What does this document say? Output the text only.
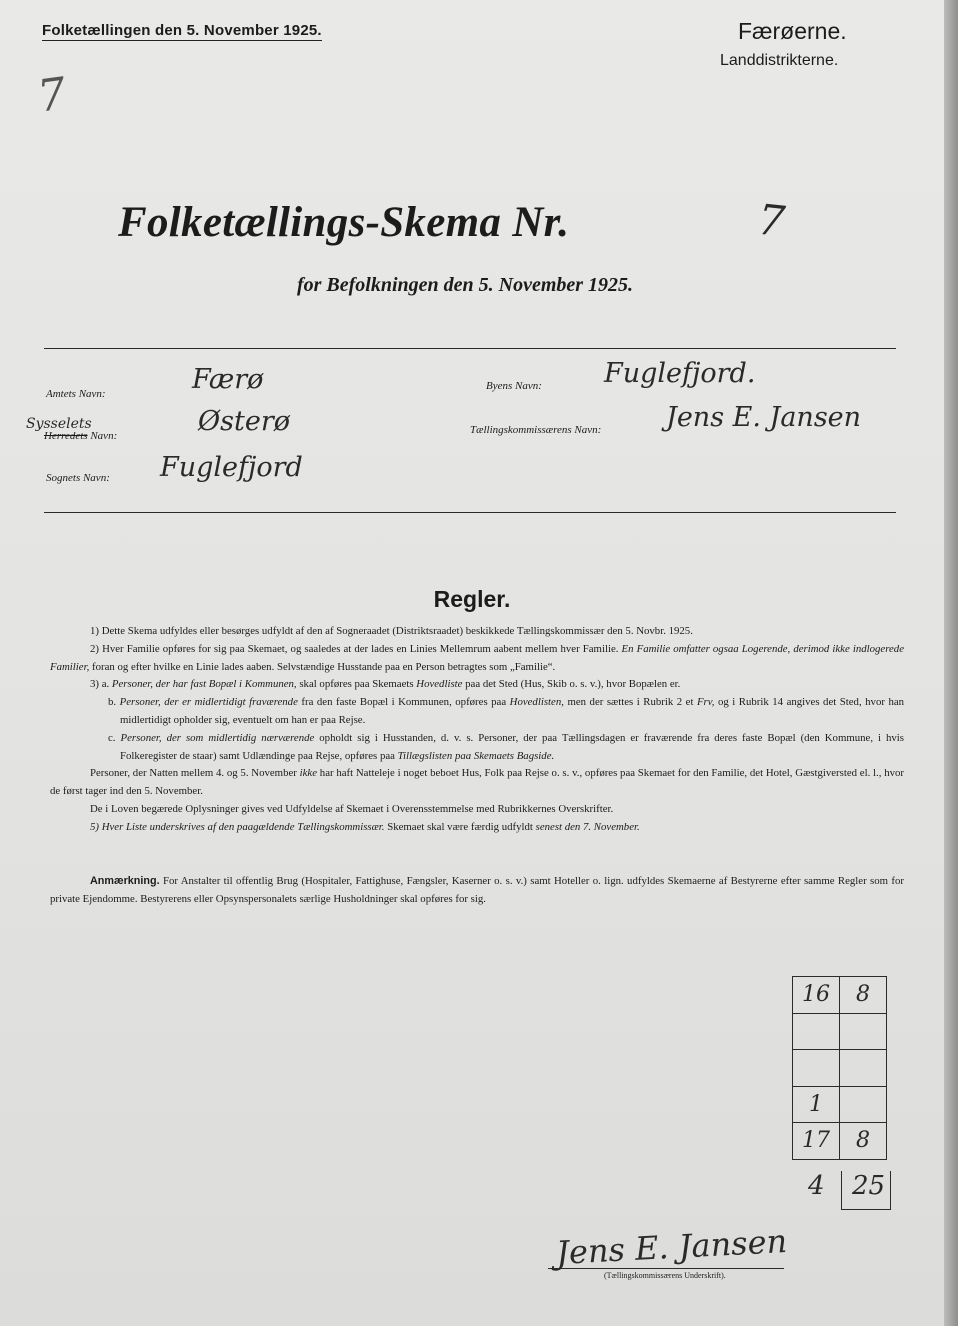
Folketællingen den 5. November 1925.	Færøerne.
Landdistrikterne.
7
Folketællings-Skema Nr.	7
for Befolkningen den 5. November 1925.
Amtets Navn:	Færø
Sysselets
Herredets Navn:	Østerø
Sognets Navn: Fuglefjord
Byens Navn: Fuglefjord.
Tællingskommissærens Navn: Jens E. Jansen
Regler.

1) Dette Skema udfyldes eller besørges udfyldt af den af Sogneraadet (Distriktsraadet) beskikkede Tællingskommissær den 5. Novbr. 1925.

2) Hver Familie opføres for sig paa Skemaet, og saaledes at der lades en Linies Mellemrum aabent mellem hver Familie. En Familie omfatter ogsaa Logerende, derimod ikke indlogerede Familier, foran og efter hvilke en Linie lades aaben. Selvstændige Husstande paa en Person betragtes som „Familie“.

3) a. Personer, der har fast Bopæl i Kommunen, skal opføres paa Skemaets Hovedliste paa det Sted (Hus, Skib o. s. v.), hvor Bopælen er.

b. Personer, der er midlertidigt fraværende fra den faste Bopæl i Kommunen, opføres paa Hovedlisten, men der sættes i Rubrik 2 et Frv, og i Rubrik 14 angives det Sted, hvor han midlertidigt opholder sig, eventuelt om han er paa Rejse.

c. Personer, der som midlertidig nærværende opholdt sig i Husstanden, d. v. s. Personer, der paa Tællingsdagen er fraværende fra deres faste Bopæl (den Kommune, i hvis Folkeregister de staar) samt Udlændinge paa Rejse, opføres paa Tillægslisten paa Skemaets Bagside.

Personer, der Natten mellem 4. og 5. November ikke har haft Natteleje i noget beboet Hus, Folk paa Rejse o. s. v., opføres paa Skemaet for den Familie, det Hotel, Gæstgiversted el. l., hvor de først tager ind den 5. November.

De i Loven begærede Oplysninger gives ved Udfyldelse af Skemaet i Overensstemmelse med Rubrikkernes Overskrifter.

5) Hver Liste underskrives af den paagældende Tællingskommissær. Skemaet skal være færdig udfyldt senest den 7. November.

Anmærkning. For Anstalter til offentlig Brug (Hospitaler, Fattighuse, Fængsler, Kaserner o. s. v.) samt Hoteller o. lign. udfyldes Skemaerne af Bestyrerne efter samme Regler som for private Ejendomme. Bestyrerens eller Opsynspersonalets særlige Husholdninger skal opføres for sig.
16	8

1	
17	8
4 25
Jens E. Jansen
(Tællingskommissærens Underskrift).
